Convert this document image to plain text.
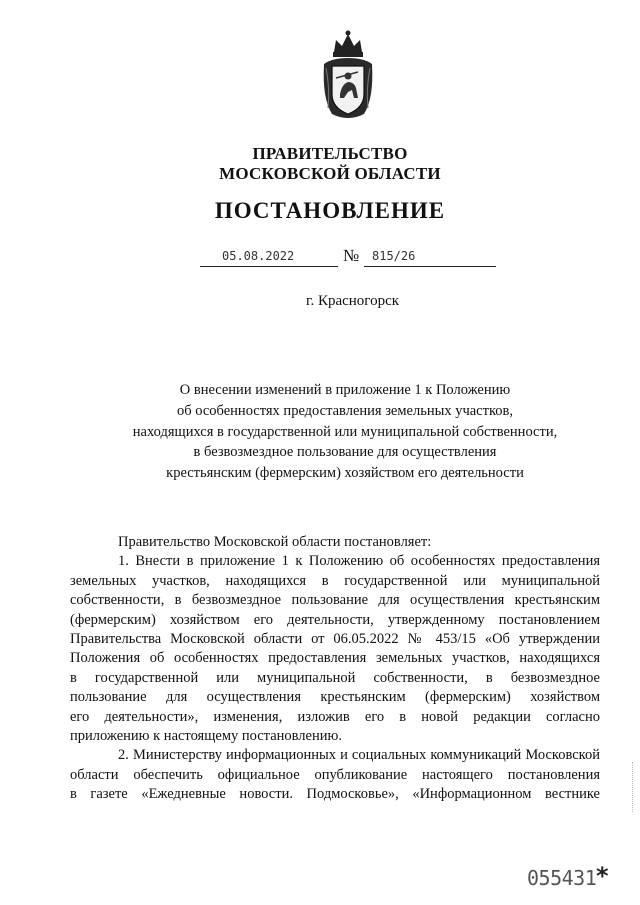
ПРАВИТЕЛЬСТВО
МОСКОВСКОЙ ОБЛАСТИ
ПОСТАНОВЛЕНИЕ
05.08.2022	№ 815/26
г. Красногорск
О внесении изменений в приложение 1 к Положению
об особенностях предоставления земельных участков,
находящихся в государственной или муниципальной собственности,
в безвозмездное пользование для осуществления
крестьянским (фермерским) хозяйством его деятельности
Правительство Московской области постановляет:
1. Внести в приложение 1 к Положению об особенностях предоставления
земельных участков, находящихся в государственной или муниципальной
собственности, в безвозмездное пользование для осуществления крестьянским
(фермерским) хозяйством его деятельности, утвержденному постановлением
Правительства Московской области от 06.05.2022 № 453/15 «Об утверждении
Положения об особенностях предоставления земельных участков, находящихся
в государственной или муниципальной собственности, в безвозмездное
пользование для осуществления крестьянским (фермерским) хозяйством
его деятельности», изменения, изложив его в новой редакции согласно
приложению к настоящему постановлению.
2. Министерству информационных и социальных коммуникаций Московской
области обеспечить официальное опубликование настоящего постановления
в газете «Ежедневные новости. Подмосковье», «Информационном вестнике
055431 *
